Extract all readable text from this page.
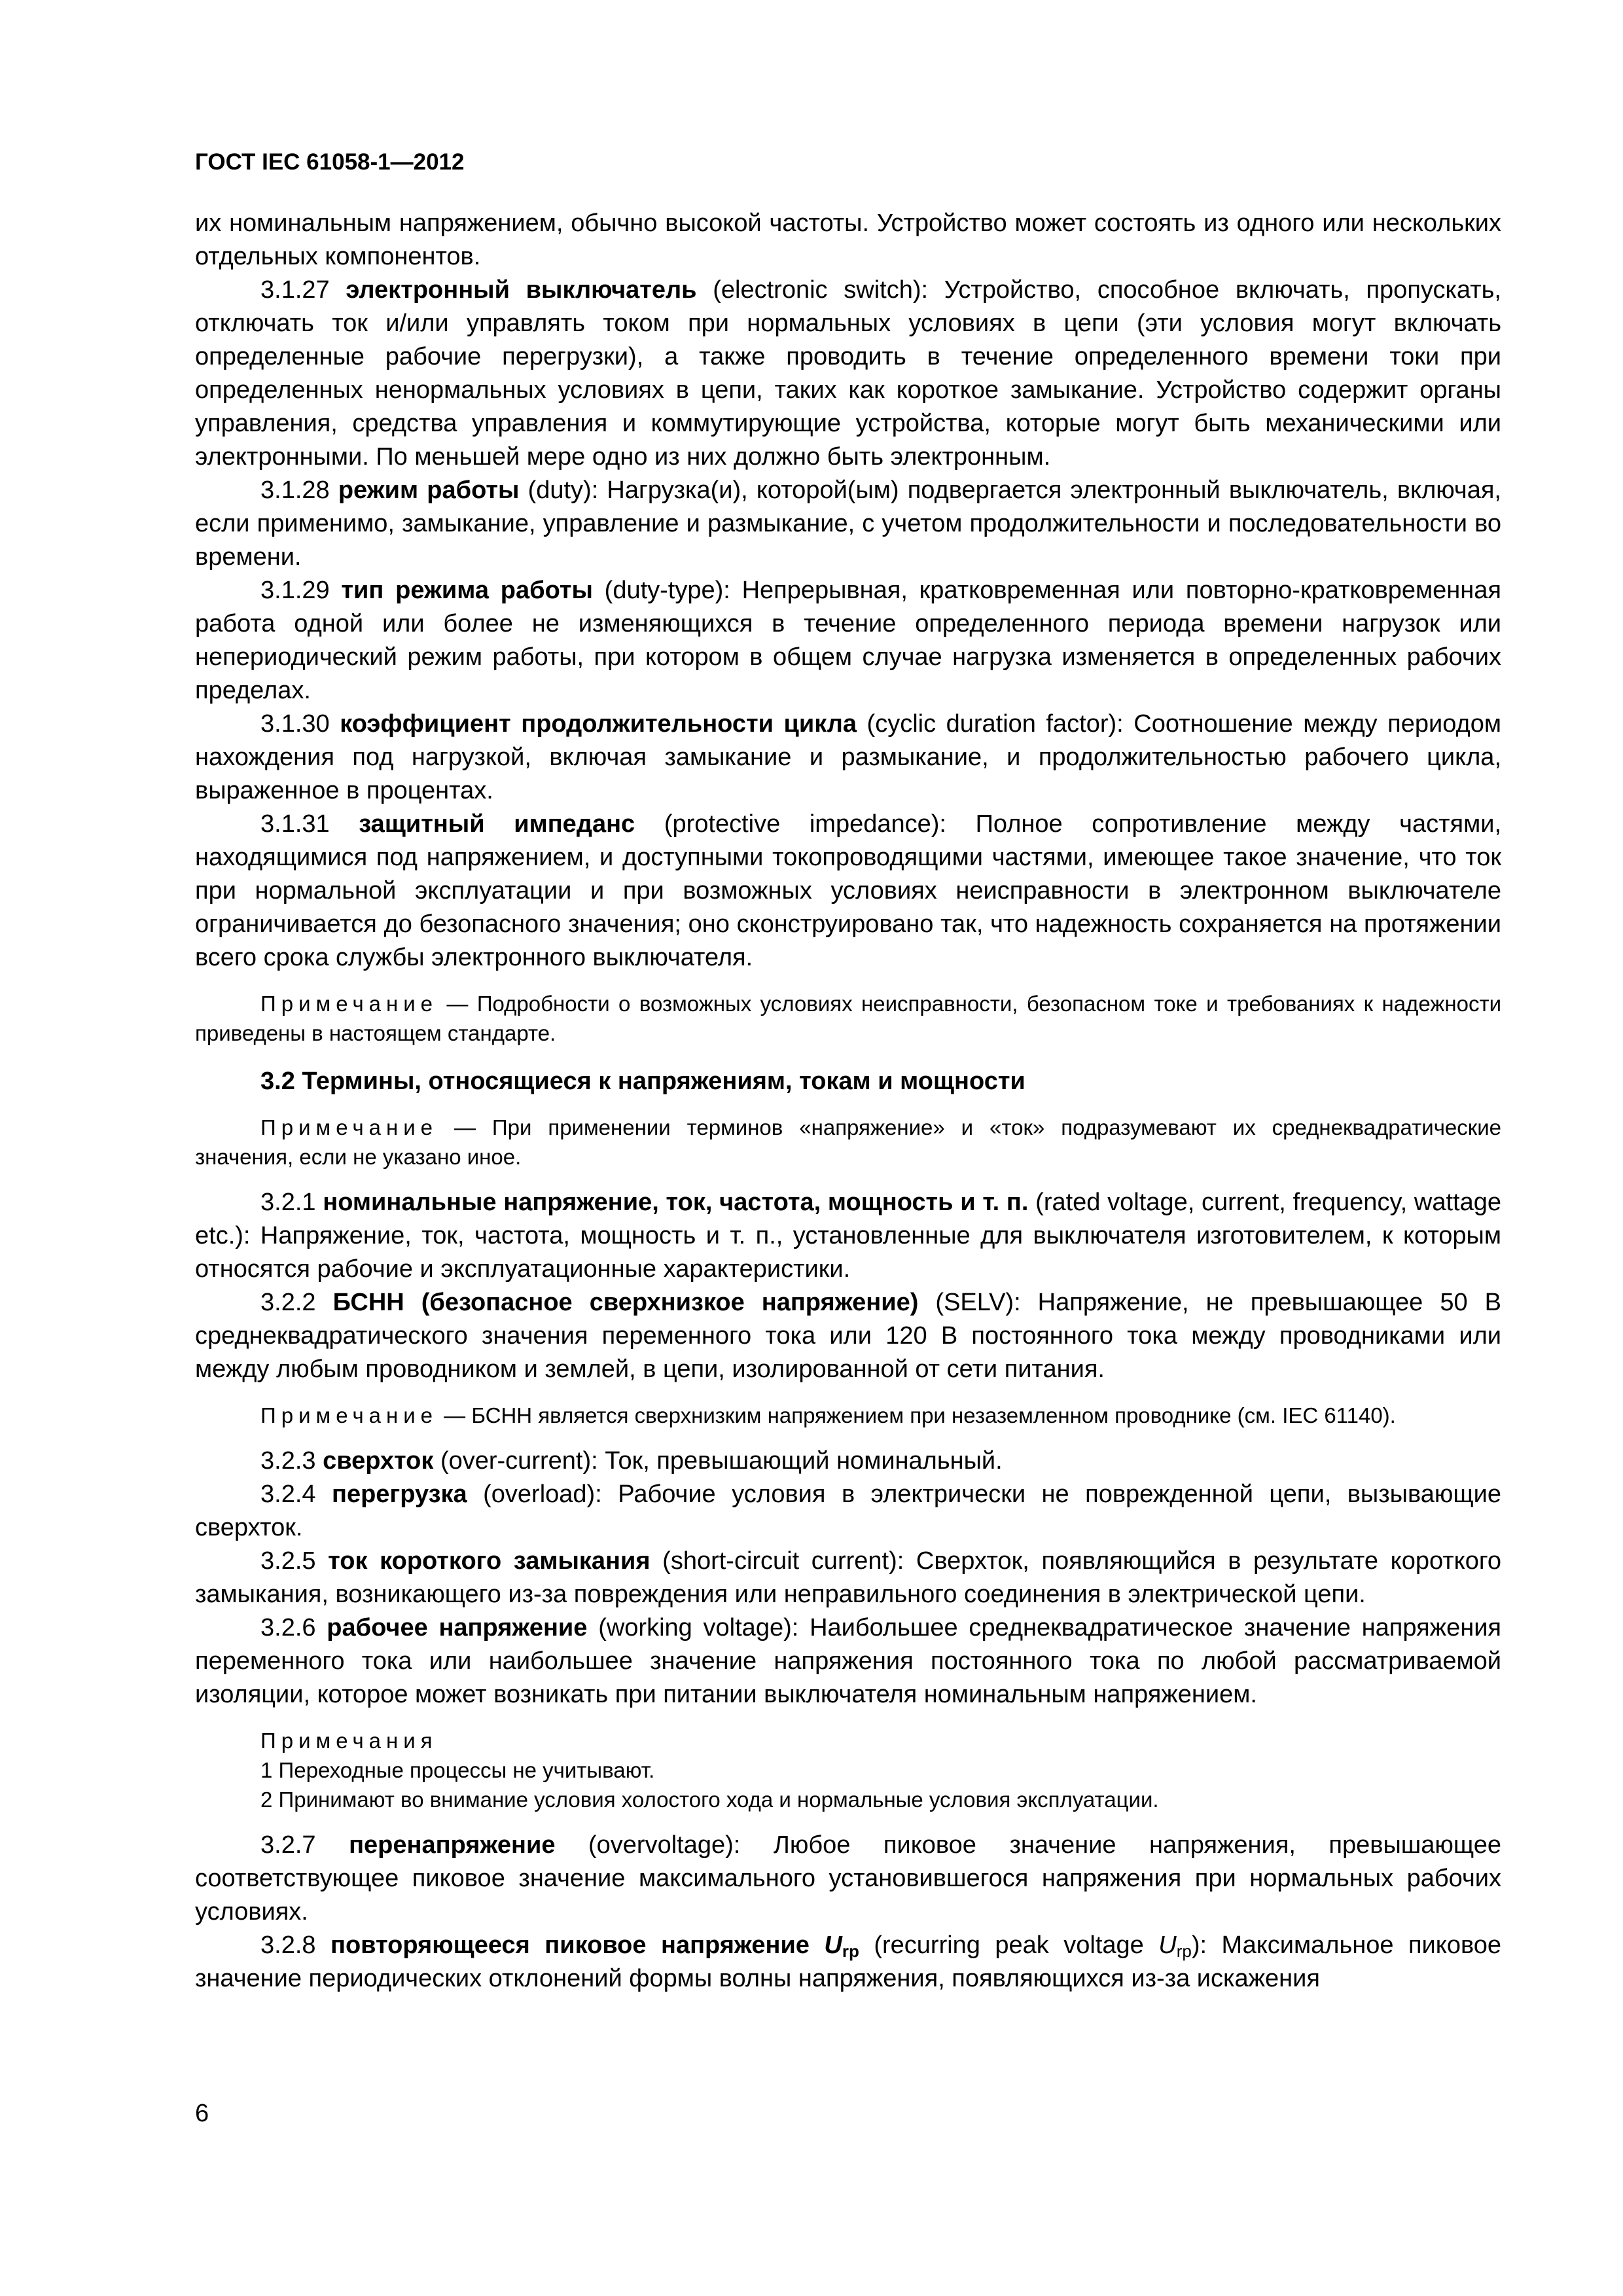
ГОСТ IEC 61058-1—2012

их номинальным напряжением, обычно высокой частоты. Устройство может состоять из одного или нескольких отдельных компонентов.

3.1.27 электронный выключатель (electronic switch): Устройство, способное включать, пропускать, отключать ток и/или управлять током при нормальных условиях в цепи (эти условия могут включать определенные рабочие перегрузки), а также проводить в течение определенного времени токи при определенных ненормальных условиях в цепи, таких как короткое замыкание. Устройство содержит органы управления, средства управления и коммутирующие устройства, которые могут быть механическими или электронными. По меньшей мере одно из них должно быть электронным.

3.1.28 режим работы (duty): Нагрузка(и), которой(ым) подвергается электронный выключатель, включая, если применимо, замыкание, управление и размыкание, с учетом продолжительности и последовательности во времени.

3.1.29 тип режима работы (duty-type): Непрерывная, кратковременная или повторно-кратковременная работа одной или более не изменяющихся в течение определенного периода времени нагрузок или непериодический режим работы, при котором в общем случае нагрузка изменяется в определенных рабочих пределах.

3.1.30 коэффициент продолжительности цикла (cyclic duration factor): Соотношение между периодом нахождения под нагрузкой, включая замыкание и размыкание, и продолжительностью рабочего цикла, выраженное в процентах.

3.1.31 защитный импеданс (protective impedance): Полное сопротивление между частями, находящимися под напряжением, и доступными токопроводящими частями, имеющее такое значение, что ток при нормальной эксплуатации и при возможных условиях неисправности в электронном выключателе ограничивается до безопасного значения; оно сконструировано так, что надежность сохраняется на протяжении всего срока службы электронного выключателя.

Примечание — Подробности о возможных условиях неисправности, безопасном токе и требованиях к надежности приведены в настоящем стандарте.

3.2 Термины, относящиеся к напряжениям, токам и мощности

Примечание — При применении терминов «напряжение» и «ток» подразумевают их среднеквадратические значения, если не указано иное.

3.2.1 номинальные напряжение, ток, частота, мощность и т. п. (rated voltage, current, frequency, wattage etc.): Напряжение, ток, частота, мощность и т. п., установленные для выключателя изготовителем, к которым относятся рабочие и эксплуатационные характеристики.

3.2.2 БСНН (безопасное сверхнизкое напряжение) (SELV): Напряжение, не превышающее 50 В среднеквадратического значения переменного тока или 120 В постоянного тока между проводниками или между любым проводником и землей, в цепи, изолированной от сети питания.

Примечание — БСНН является сверхнизким напряжением при незаземленном проводнике (см. IEC 61140).

3.2.3 сверхток (over-current): Ток, превышающий номинальный.

3.2.4 перегрузка (overload): Рабочие условия в электрически не поврежденной цепи, вызывающие сверхток.

3.2.5 ток короткого замыкания (short-circuit current): Сверхток, появляющийся в результате короткого замыкания, возникающего из-за повреждения или неправильного соединения в электрической цепи.

3.2.6 рабочее напряжение (working voltage): Наибольшее среднеквадратическое значение напряжения переменного тока или наибольшее значение напряжения постоянного тока по любой рассматриваемой изоляции, которое может возникать при питании выключателя номинальным напряжением.

Примечания

1 Переходные процессы не учитывают.

2 Принимают во внимание условия холостого хода и нормальные условия эксплуатации.

3.2.7 перенапряжение (overvoltage): Любое пиковое значение напряжения, превышающее соответствующее пиковое значение максимального установившегося напряжения при нормальных рабочих условиях.

3.2.8 повторяющееся пиковое напряжение $U_{rp}$ (recurring peak voltage $U_{rp}$): Максимальное пиковое значение периодических отклонений формы волны напряжения, появляющихся из-за искажения

6
